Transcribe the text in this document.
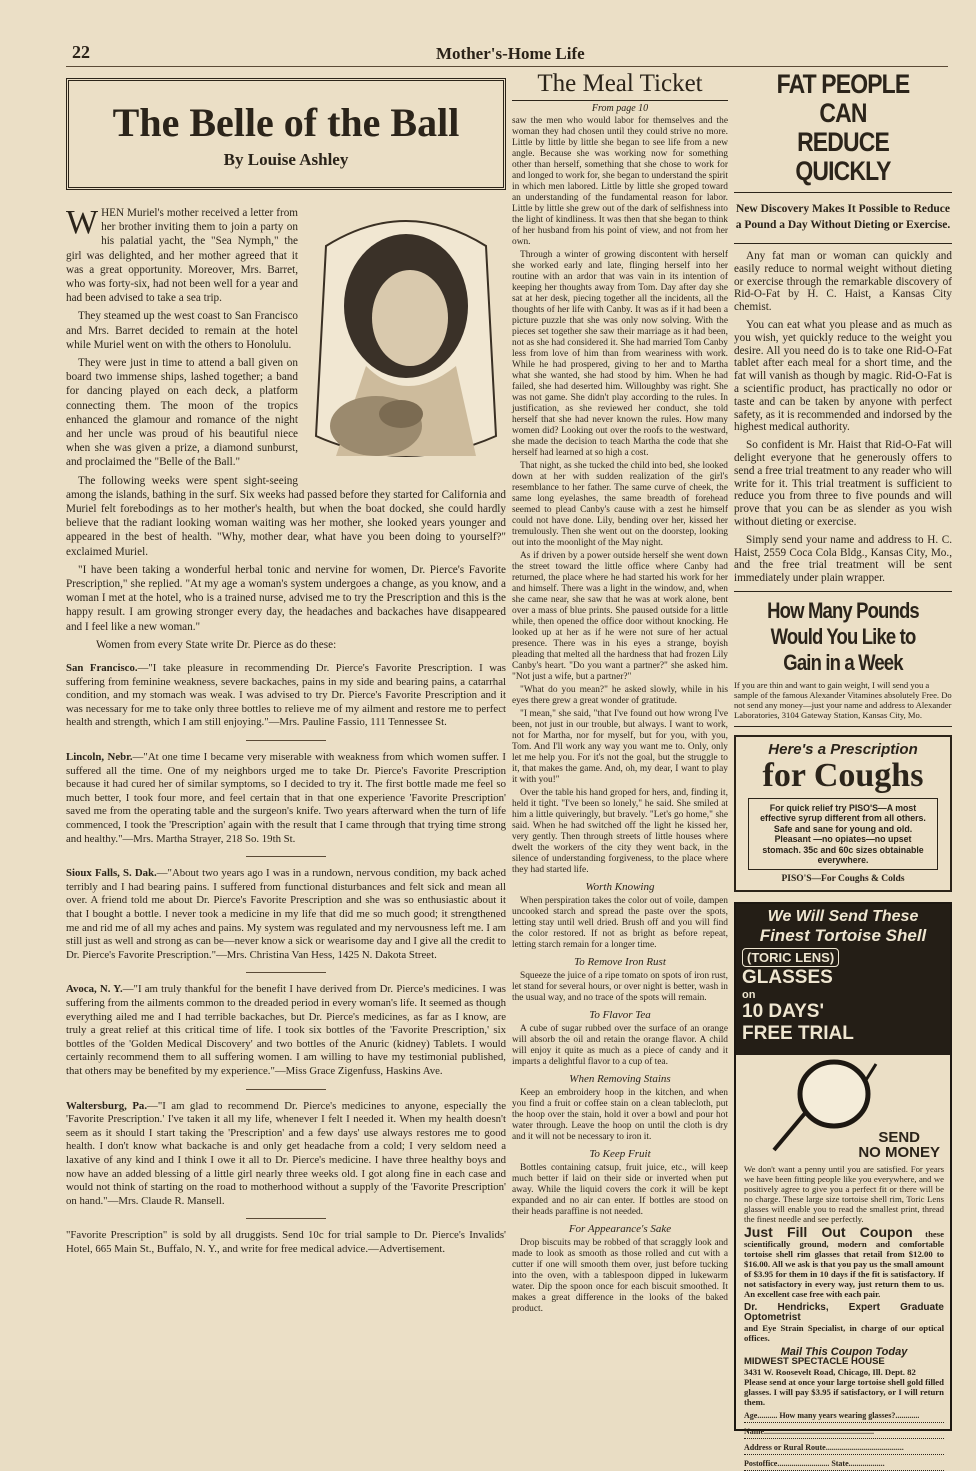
22	Mother's-Home Life
The Belle of the Ball
By Louise Ashley
W HEN Muriel's mother received a letter from her brother inviting them to join a party on his palatial yacht, the "Sea Nymph," the girl was delighted, and her mother agreed that it was a great opportunity. Moreover, Mrs. Barret, who was forty-six, had not been well for a year and had been advised to take a sea trip.

They steamed up the west coast to San Francisco and Mrs. Barret decided to remain at the hotel while Muriel went on with the others to Honolulu.

They were just in time to attend a ball given on board two immense ships, lashed together; a band for dancing played on each deck, a platform connecting them. The moon of the tropics enhanced the glamour and romance of the night and her uncle was proud of his beautiful niece when she was given a prize, a diamond sunburst, and proclaimed the "Belle of the Ball."

The following weeks were spent sight-seeing among the islands, bathing in the surf. Six weeks had passed before they started for California and Muriel felt forebodings as to her mother's health, but when the boat docked, she could hardly believe that the radiant looking woman waiting was her mother, she looked years younger and appeared in the best of health. "Why, mother dear, what have you been doing to yourself?" exclaimed Muriel.

"I have been taking a wonderful herbal tonic and nervine for women, Dr. Pierce's Favorite Prescription," she replied. "At my age a woman's system undergoes a change, as you know, and a woman I met at the hotel, who is a trained nurse, advised me to try the Prescription and this is the happy result. I am growing stronger every day, the headaches and backaches have disappeared and I feel like a new woman."

Women from every State write Dr. Pierce as do these:

San Francisco.—"I take pleasure in recommending Dr. Pierce's Favorite Prescription. I was suffering from feminine weakness, severe backaches, pains in my side and bearing pains, a catarrhal condition, and my stomach was weak. I was advised to try Dr. Pierce's Favorite Prescription and it was necessary for me to take only three bottles to relieve me of my ailment and restore me to perfect health and strength, which I am still enjoying."—Mrs. Pauline Fassio, 111 Tennessee St.
Lincoln, Nebr.—"At one time I became very miserable with weakness from which women suffer. I suffered all the time. One of my neighbors urged me to take Dr. Pierce's Favorite Prescription because it had cured her of similar symptoms, so I decided to try it. The first bottle made me feel so much better, I took four more, and feel certain that in that one experience 'Favorite Prescription' saved me from the operating table and the surgeon's knife. Two years afterward when the turn of life commenced, I took the 'Prescription' again with the result that I came through that trying time strong and healthy."—Mrs. Martha Strayer, 218 So. 19th St.
Sioux Falls, S. Dak.—"About two years ago I was in a rundown, nervous condition, my back ached terribly and I had bearing pains. I suffered from functional disturbances and felt sick and mean all over. A friend told me about Dr. Pierce's Favorite Prescription and she was so enthusiastic about it that I bought a bottle. I never took a medicine in my life that did me so much good; it strengthened me and rid me of all my aches and pains. My system was regulated and my nervousness left me. I am still just as well and strong as can be—never know a sick or wearisome day and I give all the credit to Dr. Pierce's Favorite Prescription."—Mrs. Christina Van Hess, 1425 N. Dakota Street.
Avoca, N. Y.—"I am truly thankful for the benefit I have derived from Dr. Pierce's medicines. I was suffering from the ailments common to the dreaded period in every woman's life. It seemed as though everything ailed me and I had terrible backaches, but Dr. Pierce's medicines, as far as I know, are truly a great relief at this critical time of life. I took six bottles of the 'Favorite Prescription,' six bottles of the 'Golden Medical Discovery' and two bottles of the Anuric (kidney) Tablets. I would certainly recommend them to all suffering women. I am willing to have my testimonial published, that others may be benefited by my experience."—Miss Grace Zigenfuss, Haskins Ave.
Waltersburg, Pa.—"I am glad to recommend Dr. Pierce's medicines to anyone, especially the 'Favorite Prescription.' I've taken it all my life, whenever I felt I needed it. When my health doesn't seem as it should I start taking the 'Prescription' and a few days' use always restores me to good health. I don't know what backache is and only get headache from a cold; I very seldom need a laxative of any kind and I think I owe it all to Dr. Pierce's medicine. I have three healthy boys and now have an added blessing of a little girl nearly three weeks old. I got along fine in each case and would not think of starting on the road to motherhood without a supply of the 'Favorite Prescription' on hand."—Mrs. Claude R. Mansell.
"Favorite Prescription" is sold by all druggists. Send 10c for trial sample to Dr. Pierce's Invalids' Hotel, 665 Main St., Buffalo, N. Y., and write for free medical advice.—Advertisement.
The Meal Ticket
From page 10

saw the men who would labor for themselves and the woman they had chosen until they could strive no more. Little by little by little she began to see life from a new angle. Because she was working now for something other than herself, something that she chose to work for and longed to work for, she began to understand the spirit in which men labored. Little by little she groped toward an understanding of the fundamental reason for labor. Little by little she grew out of the dark of selfishness into the light of kindliness. It was then that she began to think of her husband from his point of view, and not from her own.

Through a winter of growing discontent with herself she worked early and late, flinging herself into her routine with an ardor that was vain in its intention of keeping her thoughts away from Tom. Day after day she sat at her desk, piecing together all the incidents, all the thoughts of her life with Canby. It was as if it had been a picture puzzle that she was only now solving. With the pieces set together she saw their marriage as it had been, not as she had considered it. She had married Tom Canby less from love of him than from weariness with work. While he had prospered, giving to her and to Martha what she wanted, she had stood by him. When he had failed, she had deserted him. Willoughby was right. She was not game. She didn't play according to the rules. In justification, as she reviewed her conduct, she told herself that she had never known the rules. How many women did? Looking out over the roofs to the westward, she made the decision to teach Martha the code that she herself had learned at so high a cost.

That night, as she tucked the child into bed, she looked down at her with sudden realization of the girl's resemblance to her father. The same curve of cheek, the same long eyelashes, the same breadth of forehead seemed to plead Canby's cause with a zest he himself could not have done. Lily, bending over her, kissed her tremulously. Then she went out on the doorstep, looking out into the moonlight of the May night.

As if driven by a power outside herself she went down the street toward the little office where Canby had returned, the place where he had started his work for her and himself. There was a light in the window, and, when she came near, she saw that he was at work alone, bent over a mass of blue prints. She paused outside for a little while, then opened the office door without knocking. He looked up at her as if he were not sure of her actual presence. There was in his eyes a strange, boyish pleading that melted all the hardness that had frozen Lily Canby's heart. "Do you want a partner?" she asked him. "Not just a wife, but a partner?"

"What do you mean?" he asked slowly, while in his eyes there grew a great wonder of gratitude.

"I mean," she said, "that I've found out how wrong I've been, not just in our trouble, but always. I want to work, not for Martha, nor for myself, but for you, with you, Tom. And I'll work any way you want me to. Only, only let me help you. For it's not the goal, but the struggle to it, that makes the game. And, oh, my dear, I want to play it with you!"

Over the table his hand groped for hers, and, finding it, held it tight. "I've been so lonely," he said. She smiled at him a little quiveringly, but bravely. "Let's go home," she said. When he had switched off the light he kissed her, very gently. Then through streets of little houses where dwelt the workers of the city they went back, in the silence of understanding forgiveness, to the place where they had started life.

Worth Knowing

When perspiration takes the color out of voile, dampen uncooked starch and spread the paste over the spots, letting stay until well dried. Brush off and you will find the color restored. If not as bright as before repeat, letting starch remain for a longer time.

To Remove Iron Rust

Squeeze the juice of a ripe tomato on spots of iron rust, let stand for several hours, or over night is better, wash in the usual way, and no trace of the spots will remain.

To Flavor Tea

A cube of sugar rubbed over the surface of an orange will absorb the oil and retain the orange flavor. A child will enjoy it quite as much as a piece of candy and it imparts a delightful flavor to a cup of tea.

When Removing Stains

Keep an embroidery hoop in the kitchen, and when you find a fruit or coffee stain on a clean tablecloth, put the hoop over the stain, hold it over a bowl and pour hot water through. Leave the hoop on until the cloth is dry and it will not be necessary to iron it.

To Keep Fruit

Bottles containing catsup, fruit juice, etc., will keep much better if laid on their side or inverted when put away. While the liquid covers the cork it will be kept expanded and no air can enter. If bottles are stood on their heads paraffine is not needed.

For Appearance's Sake

Drop biscuits may be robbed of that scraggly look and made to look as smooth as those rolled and cut with a cutter if one will smooth them over, just before tucking into the oven, with a tablespoon dipped in lukewarm water. Dip the spoon once for each biscuit smoothed. It makes a great difference in the looks of the baked product.

FAT PEOPLE CAN
REDUCE QUICKLY
New Discovery Makes It Possible to Reduce a Pound a Day Without Dieting or Exercise.

Any fat man or woman can quickly and easily reduce to normal weight without dieting or exercise through the remarkable discovery of Rid-O-Fat by H. C. Haist, a Kansas City chemist.

You can eat what you please and as much as you wish, yet quickly reduce to the weight you desire. All you need do is to take one Rid-O-Fat tablet after each meal for a short time, and the fat will vanish as though by magic. Rid-O-Fat is a scientific product, has practically no odor or taste and can be taken by anyone with perfect safety, as it is recommended and indorsed by the highest medical authority.

So confident is Mr. Haist that Rid-O-Fat will delight everyone that he generously offers to send a free trial treatment to any reader who will write for it. This trial treatment is sufficient to reduce you from three to five pounds and will prove that you can be as slender as you wish without dieting or exercise.

Simply send your name and address to H. C. Haist, 2559 Coca Cola Bldg., Kansas City, Mo., and the free trial treatment will be sent immediately under plain wrapper.

How Many Pounds Would You Like to Gain in a Week
If you are thin and want to gain weight, I will send you a sample of the famous Alexander Vitamines absolutely Free. Do not send any money—just your name and address to Alexander Laboratories, 3104 Gateway Station, Kansas City, Mo.
Here's a Prescription
for Coughs
For quick relief try PISO'S—A most effective syrup different from all others. Safe and sane for young and old. Pleasant —no opiates—no upset stomach. 35c and 60c sizes obtainable everywhere.
PISO'S—For Coughs & Colds
We Will Send These
Finest Tortoise Shell
(TORIC LENS)
GLASSES
on
10 DAYS'
FREE TRIAL
SEND
NO MONEY
We don't want a penny until you are satisfied. For years we have been fitting people like you everywhere, and we positively agree to give you a perfect fit or there will be no charge. These large size tortoise shell rim, Toric Lens glasses will enable you to read the smallest print, thread the finest needle and see perfectly.
Just Fill Out Coupon these scientifically ground, modern and comfortable tortoise shell rim glasses that retail from $12.00 to $16.00. All we ask is that you pay us the small amount of $3.95 for them in 10 days if the fit is satisfactory. If not satisfactory in every way, just return them to us. An excellent case free with each pair.
Dr. Hendricks, Expert Graduate Optometrist
and Eye Strain Specialist, in charge of our optical offices.
Mail This Coupon Today
MIDWEST SPECTACLE HOUSE
3431 W. Roosevelt Road, Chicago, Ill. Dept. 82
Please send at once your large tortoise shell gold filled glasses. I will pay $3.95 if satisfactory, or I will return them.
Age.......... How many years wearing glasses?............
Name.......................................................
Address or Rural Route.......................................
Postoffice.......................... State..................
